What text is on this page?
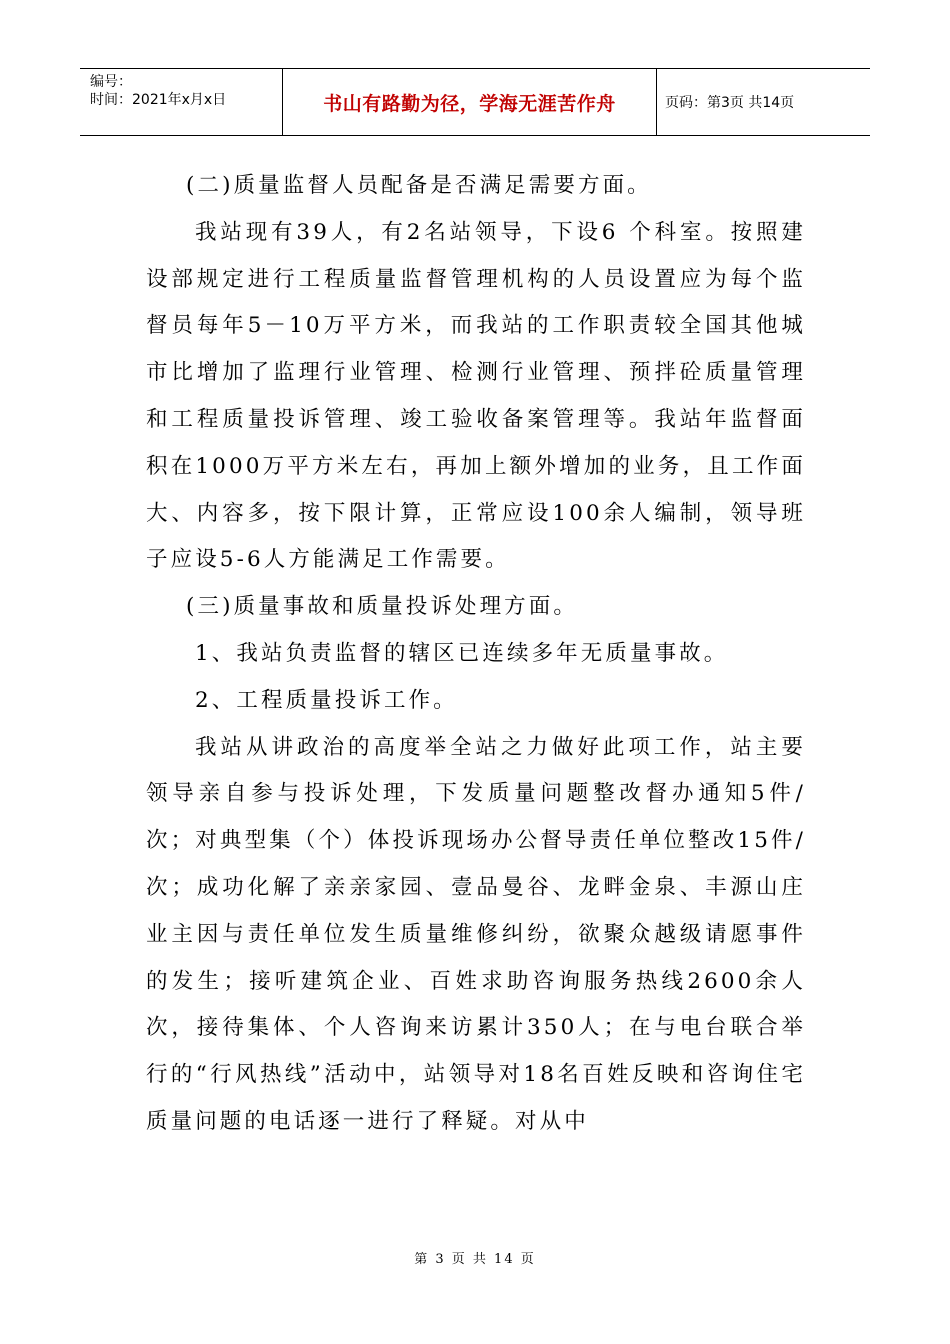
编号：
时间：2021年x月x日	书山有路勤为径，学海无涯苦作舟	页码：第3页 共14页

(二)质量监督人员配备是否满足需要方面。

我站现有39人，有2名站领导，下设6 个科室。按照建设部规定进行工程质量监督管理机构的人员设置应为每个监督员每年5－10万平方米，而我站的工作职责较全国其他城市比增加了监理行业管理、检测行业管理、预拌砼质量管理和工程质量投诉管理、竣工验收备案管理等。我站年监督面积在1000万平方米左右，再加上额外增加的业务，且工作面大、内容多，按下限计算，正常应设100余人编制，领导班子应设5-6人方能满足工作需要。

(三)质量事故和质量投诉处理方面。

1、我站负责监督的辖区已连续多年无质量事故。

2、工程质量投诉工作。

我站从讲政治的高度举全站之力做好此项工作，站主要领导亲自参与投诉处理，下发质量问题整改督办通知5件/次；对典型集（个）体投诉现场办公督导责任单位整改15件/次；成功化解了亲亲家园、壹品曼谷、龙畔金泉、丰源山庄业主因与责任单位发生质量维修纠纷，欲聚众越级请愿事件的发生；接听建筑企业、百姓求助咨询服务热线2600余人次，接待集体、个人咨询来访累计350人；在与电台联合举行的“行风热线”活动中，站领导对18名百姓反映和咨询住宅质量问题的电话逐一进行了释疑。对从中

第 3 页 共 14 页
